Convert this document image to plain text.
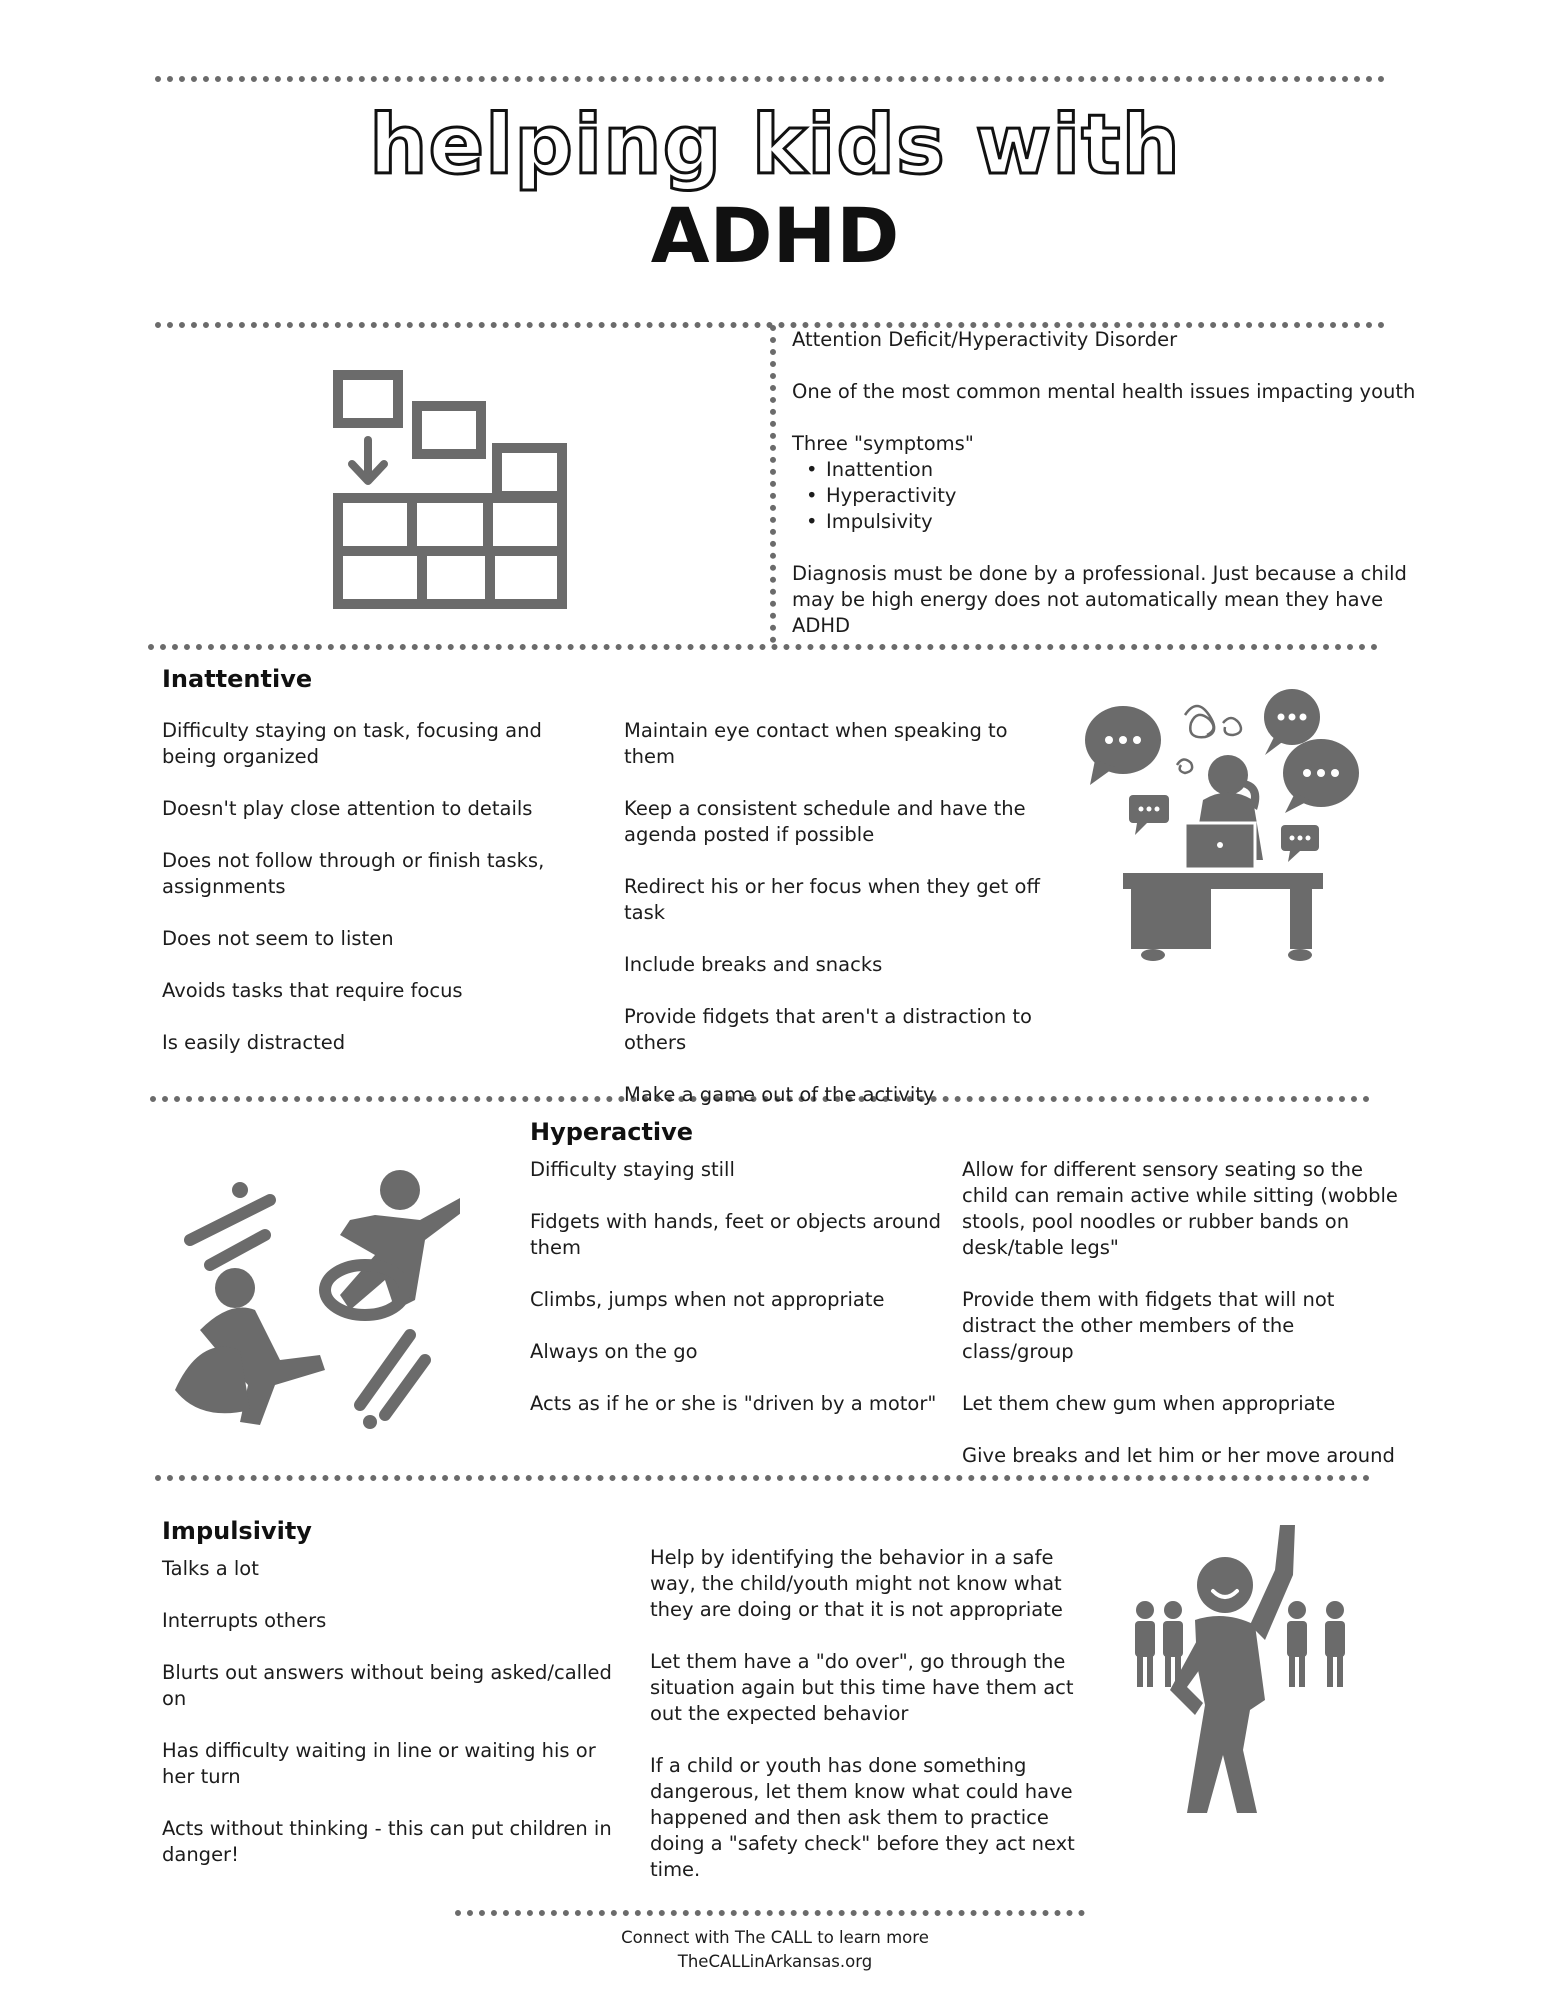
helping kids with
ADHD
Attention Deficit/Hyperactivity Disorder
One of the most common mental health issues impacting youth
Three "symptoms"
• Inattention
• Hyperactivity
• Impulsivity
Diagnosis must be done by a professional. Just because a child may be high energy does not automatically mean they have ADHD
Inattentive
Difficulty staying on task, focusing and being organized
Doesn't play close attention to details
Does not follow through or finish tasks, assignments
Does not seem to listen
Avoids tasks that require focus
Is easily distracted
Maintain eye contact when speaking to them
Keep a consistent schedule and have the agenda posted if possible
Redirect his or her focus when they get off task
Include breaks and snacks
Provide fidgets that aren't a distraction to others
Make a game out of the activity
Hyperactive
Difficulty staying still
Fidgets with hands, feet or objects around them
Climbs, jumps when not appropriate
Always on the go
Acts as if he or she is "driven by a motor"
Allow for different sensory seating so the child can remain active while sitting (wobble stools, pool noodles or rubber bands on desk/table legs"
Provide them with fidgets that will not distract the other members of the class/group
Let them chew gum when appropriate
Give breaks and let him or her move around
Impulsivity
Talks a lot
Interrupts others
Blurts out answers without being asked/called on
Has difficulty waiting in line or waiting his or her turn
Acts without thinking - this can put children in danger!
Help by identifying the behavior in a safe way, the child/youth might not know what they are doing or that it is not appropriate
Let them have a "do over", go through the situation again but this time have them act out the expected behavior
If a child or youth has done something dangerous, let them know what could have happened and then ask them to practice doing a "safety check" before they act next time.
Connect with The CALL to learn more
TheCALLinArkansas.org
